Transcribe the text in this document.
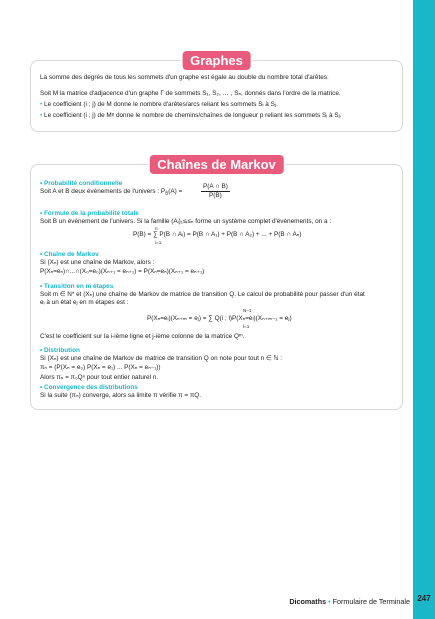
Graphes
La somme des degrés de tous les sommets d'un graphe est égale au double du nombre total d'arêtes.
Soit M la matrice d'adjacence d'un graphe Γ de sommets S₁, S₂, … , Sₙ, donnés dans l'ordre de la matrice.
• Le coefficient (i ; j) de M donne le nombre d'arêtes/arcs reliant les sommets Sᵢ à Sⱼ.
• Le coefficient (i ; j) de Mᵖ donne le nombre de chemins/chaînes de longueur p reliant les sommets Sᵢ à Sⱼ.
Chaînes de Markov
• Probabilité conditionnelle
Soit A et B deux événements de l'univers : $P_B(A)$ =	$\frac{P(A \cap B)}{P(B)}$
• Formule de la probabilité totale
Soit B un événement de l'univers. Si la famille (Aᵢ)₁≤ᵢ≤ₙ forme un système complet d'événements, on a :
n
P(B) = ∑ P(B ∩ Aᵢ) = P(B ∩ A₁) + P(B ∩ A₂) + ... + P(B ∩ Aₙ)
i=1
• Chaîne de Markov
Si (Xₙ) est une chaîne de Markov, alors :
P(Xₙ=eₙ)∩...∩(X₀=e₀)(Xₙ₊₁ = eₙ₊₁) = P(Xₙ=eₙ)(Xₙ₊₁ = eₙ₊₁)
• Transition en m étapes
Soit m ∈ N* et (Xₙ) une chaîne de Markov de matrice de transition Q. Le calcul de probabilité pour passer d'un état
eᵢ à un état eⱼ en m étapes est :
N−1
P(Xₙ=eᵢ)(Xₙ₊ₘ = eⱼ) = ∑ Q(i ; l)P(Xₙ=eₗ)(Xₙ₊ₘ₋₁ = eⱼ)
l=1
C'est le coefficient sur la i-ième ligne et j-ième colonne de la matrice Qᵐ.
• Distribution
Si (Xₙ) est une chaîne de Markov de matrice de transition Q on note pour tout n ∈ ℕ :
πₙ = (P(Xₙ = e₀) P(Xₙ = e₁) ... P(Xₙ = eₙ₋₁))
Alors πₙ = π₀Qⁿ pour tout entier naturel n.
• Convergence des distributions
Si la suite (πₙ) converge, alors sa limite π vérifie π = πQ.
Dicomaths • Formulaire de Terminale 247
